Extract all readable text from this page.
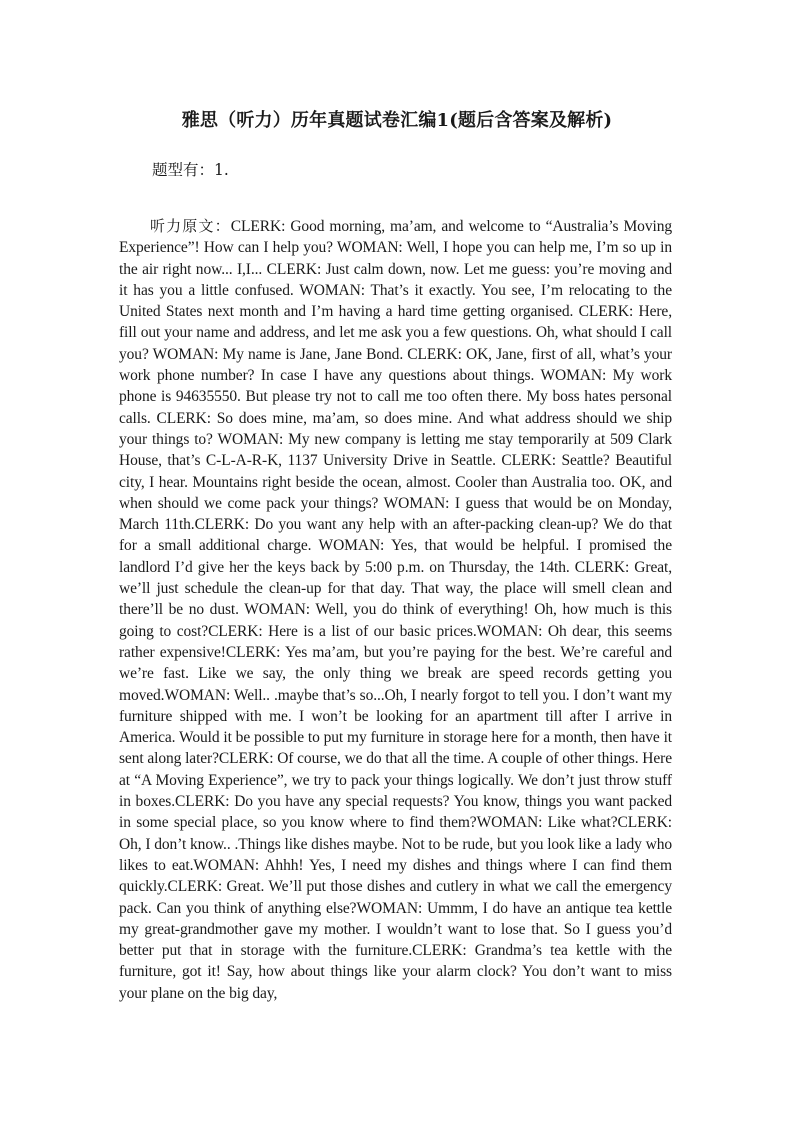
雅思（听力）历年真题试卷汇编1(题后含答案及解析)
题型有：1.

听力原文：CLERK: Good morning, ma’am, and welcome to “Australia’s Moving Experience”! How can I help you? WOMAN: Well, I hope you can help me, I’m so up in the air right now... I,I... CLERK: Just calm down, now. Let me guess: you’re moving and it has you a little confused. WOMAN: That’s it exactly. You see, I’m relocating to the United States next month and I’m having a hard time getting organised. CLERK: Here, fill out your name and address, and let me ask you a few questions. Oh, what should I call you? WOMAN: My name is Jane, Jane Bond. CLERK: OK, Jane, first of all, what’s your work phone number? In case I have any questions about things. WOMAN: My work phone is 94635550. But please try not to call me too often there. My boss hates personal calls. CLERK: So does mine, ma’am, so does mine. And what address should we ship your things to? WOMAN: My new company is letting me stay temporarily at 509 Clark House, that’s C-L-A-R-K, 1137 University Drive in Seattle. CLERK: Seattle? Beautiful city, I hear. Mountains right beside the ocean, almost. Cooler than Australia too. OK, and when should we come pack your things? WOMAN: I guess that would be on Monday, March 11th.CLERK: Do you want any help with an after-packing clean-up? We do that for a small additional charge. WOMAN: Yes, that would be helpful. I promised the landlord I’d give her the keys back by 5:00 p.m. on Thursday, the 14th. CLERK: Great, we’ll just schedule the clean-up for that day. That way, the place will smell clean and there’ll be no dust. WOMAN: Well, you do think of everything! Oh, how much is this going to cost?CLERK: Here is a list of our basic prices.WOMAN: Oh dear, this seems rather expensive!CLERK: Yes ma’am, but you’re paying for the best. We’re careful and we’re fast. Like we say, the only thing we break are speed records getting you moved.WOMAN: Well.. .maybe that’s so...Oh, I nearly forgot to tell you. I don’t want my furniture shipped with me. I won’t be looking for an apartment till after I arrive in America. Would it be possible to put my furniture in storage here for a month, then have it sent along later?CLERK: Of course, we do that all the time. A couple of other things. Here at “A Moving Experience”, we try to pack your things logically. We don’t just throw stuff in boxes.CLERK: Do you have any special requests? You know, things you want packed in some special place, so you know where to find them?WOMAN: Like what?CLERK: Oh, I don’t know.. .Things like dishes maybe. Not to be rude, but you look like a lady who likes to eat.WOMAN: Ahhh! Yes, I need my dishes and things where I can find them quickly.CLERK: Great. We’ll put those dishes and cutlery in what we call the emergency pack. Can you think of anything else?WOMAN: Ummm, I do have an antique tea kettle my great-grandmother gave my mother. I wouldn’t want to lose that. So I guess you’d better put that in storage with the furniture.CLERK: Grandma’s tea kettle with the furniture, got it! Say, how about things like your alarm clock? You don’t want to miss your plane on the big day,
